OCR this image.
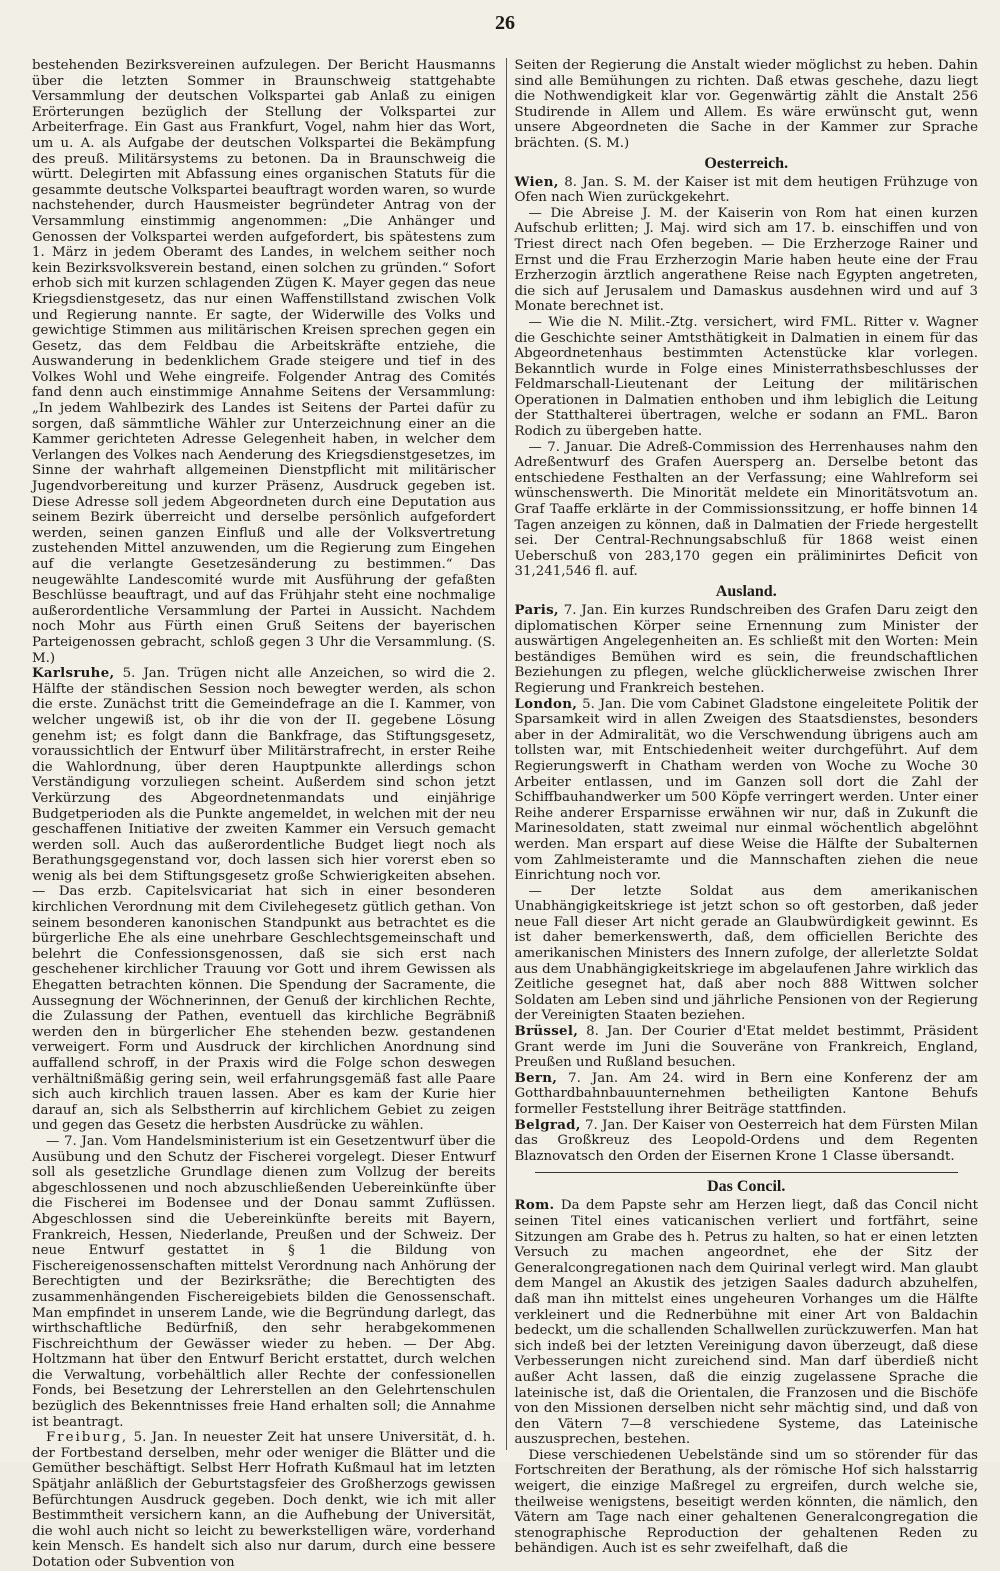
26

bestehenden Bezirksvereinen aufzulegen. Der Bericht Hausmanns über die letzten Sommer in Braunschweig stattgehabte Versammlung der deutschen Volkspartei gab Anlaß zu einigen Erörterungen bezüglich der Stellung der Volkspartei zur Arbeiterfrage. Ein Gast aus Frankfurt, Vogel, nahm hier das Wort, um u. A. als Aufgabe der deutschen Volkspartei die Bekämpfung des preuß. Militärsystems zu betonen. Da in Braunschweig die württ. Delegirten mit Abfassung eines organischen Statuts für die gesammte deutsche Volkspartei beauftragt worden waren, so wurde nachstehender, durch Hausmeister begründeter Antrag von der Versammlung einstimmig angenommen: „Die Anhänger und Genossen der Volkspartei werden aufgefordert, bis spätestens zum 1. März in jedem Oberamt des Landes, in welchem seither noch kein Bezirksvolksverein bestand, einen solchen zu gründen.“ Sofort erhob sich mit kurzen schlagenden Zügen K. Mayer gegen das neue Kriegsdienstgesetz, das nur einen Waffenstillstand zwischen Volk und Regierung nannte. Er sagte, der Widerwille des Volks und gewichtige Stimmen aus militärischen Kreisen sprechen gegen ein Gesetz, das dem Feldbau die Arbeitskräfte entziehe, die Auswanderung in bedenklichem Grade steigere und tief in des Volkes Wohl und Wehe eingreife. Folgender Antrag des Comités fand denn auch einstimmige Annahme Seitens der Versammlung: „In jedem Wahlbezirk des Landes ist Seitens der Partei dafür zu sorgen, daß sämmtliche Wähler zur Unterzeichnung einer an die Kammer gerichteten Adresse Gelegenheit haben, in welcher dem Verlangen des Volkes nach Aenderung des Kriegsdienstgesetzes, im Sinne der wahrhaft allgemeinen Dienstpflicht mit militärischer Jugendvorbereitung und kurzer Präsenz, Ausdruck gegeben ist. Diese Adresse soll jedem Abgeordneten durch eine Deputation aus seinem Bezirk überreicht und derselbe persönlich aufgefordert werden, seinen ganzen Einfluß und alle der Volksvertretung zustehenden Mittel anzuwenden, um die Regierung zum Eingehen auf die verlangte Gesetzesänderung zu bestimmen.“ Das neugewählte Landescomité wurde mit Ausführung der gefaßten Beschlüsse beauftragt, und auf das Frühjahr steht eine nochmalige außerordentliche Versammlung der Partei in Aussicht. Nachdem noch Mohr aus Fürth einen Gruß Seitens der bayerischen Parteigenossen gebracht, schloß gegen 3 Uhr die Versammlung. (S. M.)

Karlsruhe, 5. Jan. Trügen nicht alle Anzeichen, so wird die 2. Hälfte der ständischen Session noch bewegter werden, als schon die erste. Zunächst tritt die Gemeindefrage an die I. Kammer, von welcher ungewiß ist, ob ihr die von der II. gegebene Lösung genehm ist; es folgt dann die Bankfrage, das Stiftungsgesetz, voraussichtlich der Entwurf über Militärstrafrecht, in erster Reihe die Wahlordnung, über deren Hauptpunkte allerdings schon Verständigung vorzuliegen scheint. Außerdem sind schon jetzt Verkürzung des Abgeordnetenmandats und einjährige Budgetperioden als die Punkte angemeldet, in welchen mit der neu geschaffenen Initiative der zweiten Kammer ein Versuch gemacht werden soll. Auch das außerordentliche Budget liegt noch als Berathungsgegenstand vor, doch lassen sich hier vorerst eben so wenig als bei dem Stiftungsgesetz große Schwierigkeiten absehen. — Das erzb. Capitelsvicariat hat sich in einer besonderen kirchlichen Verordnung mit dem Civilehegesetz gütlich gethan. Von seinem besonderen kanonischen Standpunkt aus betrachtet es die bürgerliche Ehe als eine unehrbare Geschlechtsgemeinschaft und belehrt die Confessionsgenossen, daß sie sich erst nach geschehener kirchlicher Trauung vor Gott und ihrem Gewissen als Ehegatten betrachten können. Die Spendung der Sacramente, die Aussegnung der Wöchnerinnen, der Genuß der kirchlichen Rechte, die Zulassung der Pathen, eventuell das kirchliche Begräbniß werden den in bürgerlicher Ehe stehenden bezw. gestandenen verweigert. Form und Ausdruck der kirchlichen Anordnung sind auffallend schroff, in der Praxis wird die Folge schon deswegen verhältnißmäßig gering sein, weil erfahrungsgemäß fast alle Paare sich auch kirchlich trauen lassen. Aber es kam der Kurie hier darauf an, sich als Selbstherrin auf kirchlichem Gebiet zu zeigen und gegen das Gesetz die herbsten Ausdrücke zu wählen.

— 7. Jan. Vom Handelsministerium ist ein Gesetzentwurf über die Ausübung und den Schutz der Fischerei vorgelegt. Dieser Entwurf soll als gesetzliche Grundlage dienen zum Vollzug der bereits abgeschlossenen und noch abzuschließenden Uebereinkünfte über die Fischerei im Bodensee und der Donau sammt Zuflüssen. Abgeschlossen sind die Uebereinkünfte bereits mit Bayern, Frankreich, Hessen, Niederlande, Preußen und der Schweiz. Der neue Entwurf gestattet in § 1 die Bildung von Fischereigenossenschaften mittelst Verordnung nach Anhörung der Berechtigten und der Bezirksräthe; die Berechtigten des zusammenhängenden Fischereigebiets bilden die Genossenschaft. Man empfindet in unserem Lande, wie die Begründung darlegt, das wirthschaftliche Bedürfniß, den sehr herabgekommenen Fischreichthum der Gewässer wieder zu heben. — Der Abg. Holtzmann hat über den Entwurf Bericht erstattet, durch welchen die Verwaltung, vorbehältlich aller Rechte der confessionellen Fonds, bei Besetzung der Lehrerstellen an den Gelehrtenschulen bezüglich des Bekenntnisses freie Hand erhalten soll; die Annahme ist beantragt.

Freiburg, 5. Jan. In neuester Zeit hat unsere Universität, d. h. der Fortbestand derselben, mehr oder weniger die Blätter und die Gemüther beschäftigt. Selbst Herr Hofrath Kußmaul hat im letzten Spätjahr anläßlich der Geburtstagsfeier des Großherzogs gewissen Befürchtungen Ausdruck gegeben. Doch denkt, wie ich mit aller Bestimmtheit versichern kann, an die Aufhebung der Universität, die wohl auch nicht so leicht zu bewerkstelligen wäre, vorderhand kein Mensch. Es handelt sich also nur darum, durch eine bessere Dotation oder Subvention von

Seiten der Regierung die Anstalt wieder möglichst zu heben. Dahin sind alle Bemühungen zu richten. Daß etwas geschehe, dazu liegt die Nothwendigkeit klar vor. Gegenwärtig zählt die Anstalt 256 Studirende in Allem und Allem. Es wäre erwünscht gut, wenn unsere Abgeordneten die Sache in der Kammer zur Sprache brächten. (S. M.)

Oesterreich.

Wien, 8. Jan. S. M. der Kaiser ist mit dem heutigen Frühzuge von Ofen nach Wien zurückgekehrt.

— Die Abreise J. M. der Kaiserin von Rom hat einen kurzen Aufschub erlitten; J. Maj. wird sich am 17. b. einschiffen und von Triest direct nach Ofen begeben. — Die Erzherzoge Rainer und Ernst und die Frau Erzherzogin Marie haben heute eine der Frau Erzherzogin ärztlich angerathene Reise nach Egypten angetreten, die sich auf Jerusalem und Damaskus ausdehnen wird und auf 3 Monate berechnet ist.

— Wie die N. Milit.-Ztg. versichert, wird FML. Ritter v. Wagner die Geschichte seiner Amtsthätigkeit in Dalmatien in einem für das Abgeordnetenhaus bestimmten Actenstücke klar vorlegen. Bekanntlich wurde in Folge eines Ministerrathsbeschlusses der Feldmarschall-Lieutenant der Leitung der militärischen Operationen in Dalmatien enthoben und ihm lebiglich die Leitung der Statthalterei übertragen, welche er sodann an FML. Baron Rodich zu übergeben hatte.

— 7. Januar. Die Adreß-Commission des Herrenhauses nahm den Adreßentwurf des Grafen Auersperg an. Derselbe betont das entschiedene Festhalten an der Verfassung; eine Wahlreform sei wünschenswerth. Die Minorität meldete ein Minoritätsvotum an. Graf Taaffe erklärte in der Commissionssitzung, er hoffe binnen 14 Tagen anzeigen zu können, daß in Dalmatien der Friede hergestellt sei. Der Central-Rechnungsabschluß für 1868 weist einen Ueberschuß von 283,170 gegen ein präliminirtes Deficit von 31,241,546 fl. auf.

Ausland.

Paris, 7. Jan. Ein kurzes Rundschreiben des Grafen Daru zeigt den diplomatischen Körper seine Ernennung zum Minister der auswärtigen Angelegenheiten an. Es schließt mit den Worten: Mein beständiges Bemühen wird es sein, die freundschaftlichen Beziehungen zu pflegen, welche glücklicherweise zwischen Ihrer Regierung und Frankreich bestehen.

London, 5. Jan. Die vom Cabinet Gladstone eingeleitete Politik der Sparsamkeit wird in allen Zweigen des Staatsdienstes, besonders aber in der Admiralität, wo die Verschwendung übrigens auch am tollsten war, mit Entschiedenheit weiter durchgeführt. Auf dem Regierungswerft in Chatham werden von Woche zu Woche 30 Arbeiter entlassen, und im Ganzen soll dort die Zahl der Schiffbauhandwerker um 500 Köpfe verringert werden. Unter einer Reihe anderer Ersparnisse erwähnen wir nur, daß in Zukunft die Marinesoldaten, statt zweimal nur einmal wöchentlich abgelöhnt werden. Man erspart auf diese Weise die Hälfte der Subalternen vom Zahlmeisteramte und die Mannschaften ziehen die neue Einrichtung noch vor.

— Der letzte Soldat aus dem amerikanischen Unabhängigkeitskriege ist jetzt schon so oft gestorben, daß jeder neue Fall dieser Art nicht gerade an Glaubwürdigkeit gewinnt. Es ist daher bemerkenswerth, daß, dem officiellen Berichte des amerikanischen Ministers des Innern zufolge, der allerletzte Soldat aus dem Unabhängigkeitskriege im abgelaufenen Jahre wirklich das Zeitliche gesegnet hat, daß aber noch 888 Wittwen solcher Soldaten am Leben sind und jährliche Pensionen von der Regierung der Vereinigten Staaten beziehen.

Brüssel, 8. Jan. Der Courier d'Etat meldet bestimmt, Präsident Grant werde im Juni die Souveräne von Frankreich, England, Preußen und Rußland besuchen.

Bern, 7. Jan. Am 24. wird in Bern eine Konferenz der am Gotthardbahnbauunternehmen betheiligten Kantone Behufs formeller Feststellung ihrer Beiträge stattfinden.

Belgrad, 7. Jan. Der Kaiser von Oesterreich hat dem Fürsten Milan das Großkreuz des Leopold-Ordens und dem Regenten Blaznovatsch den Orden der Eisernen Krone 1 Classe übersandt.

Das Concil.

Rom. Da dem Papste sehr am Herzen liegt, daß das Concil nicht seinen Titel eines vaticanischen verliert und fortfährt, seine Sitzungen am Grabe des h. Petrus zu halten, so hat er einen letzten Versuch zu machen angeordnet, ehe der Sitz der Generalcongregationen nach dem Quirinal verlegt wird. Man glaubt dem Mangel an Akustik des jetzigen Saales dadurch abzuhelfen, daß man ihn mittelst eines ungeheuren Vorhanges um die Hälfte verkleinert und die Rednerbühne mit einer Art von Baldachin bedeckt, um die schallenden Schallwellen zurückzuwerfen. Man hat sich indeß bei der letzten Vereinigung davon überzeugt, daß diese Verbesserungen nicht zureichend sind. Man darf überdieß nicht außer Acht lassen, daß die einzig zugelassene Sprache die lateinische ist, daß die Orientalen, die Franzosen und die Bischöfe von den Missionen derselben nicht sehr mächtig sind, und daß von den Vätern 7—8 verschiedene Systeme, das Lateinische auszusprechen, bestehen.

Diese verschiedenen Uebelstände sind um so störender für das Fortschreiten der Berathung, als der römische Hof sich halsstarrig weigert, die einzige Maßregel zu ergreifen, durch welche sie, theilweise wenigstens, beseitigt werden könnten, die nämlich, den Vätern am Tage nach einer gehaltenen Generalcongregation die stenographische Reproduction der gehaltenen Reden zu behändigen. Auch ist es sehr zweifelhaft, daß die
